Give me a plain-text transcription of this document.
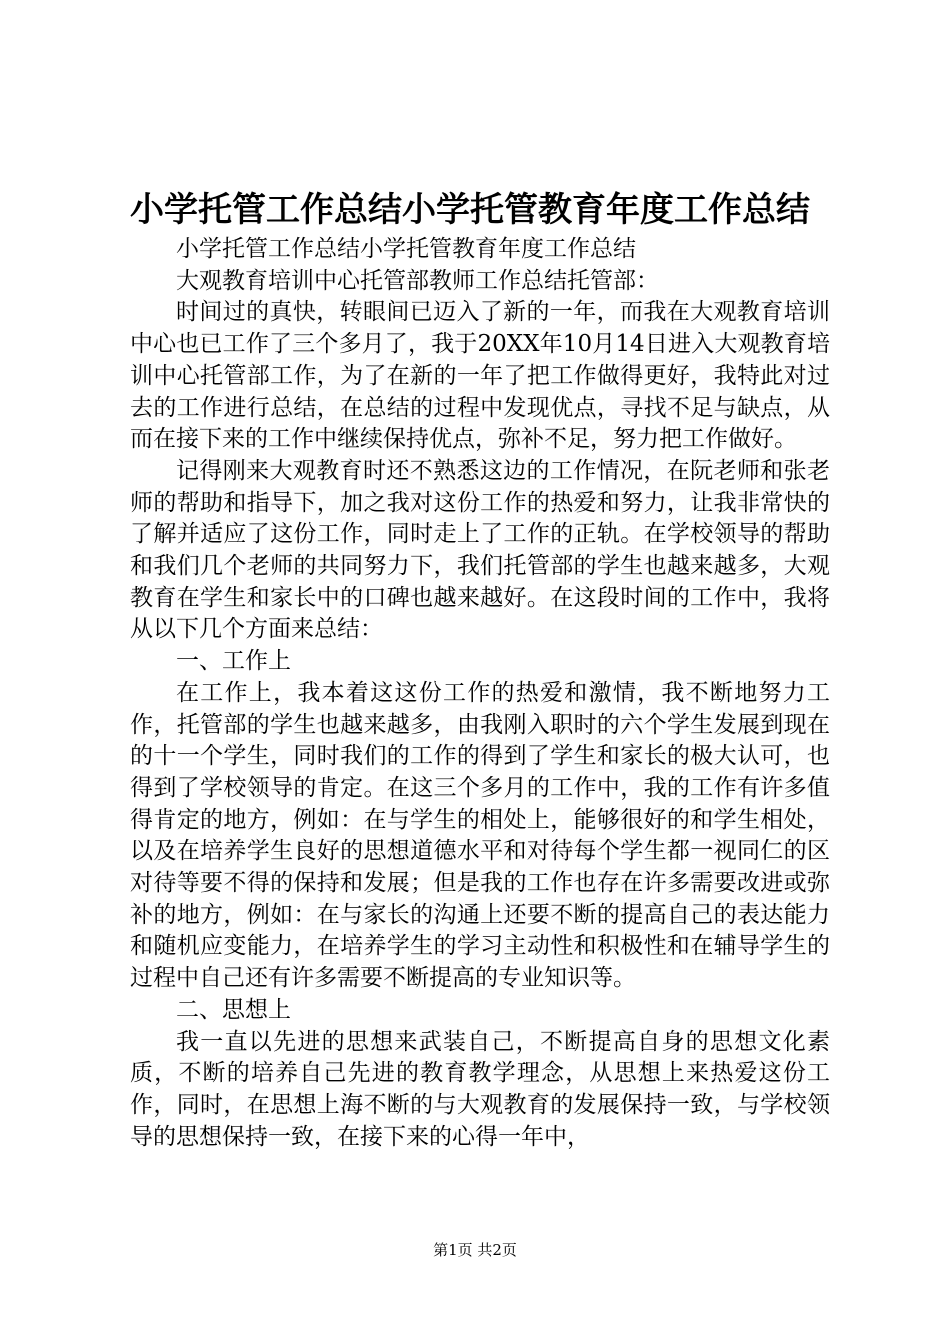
小学托管工作总结小学托管教育年度工作总结

小学托管工作总结小学托管教育年度工作总结

大观教育培训中心托管部教师工作总结托管部：

时间过的真快，转眼间已迈入了新的一年，而我在大观教育培训中心也已工作了三个多月了，我于20XX年10月14日进入大观教育培训中心托管部工作，为了在新的一年了把工作做得更好，我特此对过去的工作进行总结，在总结的过程中发现优点，寻找不足与缺点，从而在接下来的工作中继续保持优点，弥补不足，努力把工作做好。

记得刚来大观教育时还不熟悉这边的工作情况，在阮老师和张老师的帮助和指导下，加之我对这份工作的热爱和努力，让我非常快的了解并适应了这份工作，同时走上了工作的正轨。在学校领导的帮助和我们几个老师的共同努力下，我们托管部的学生也越来越多，大观教育在学生和家长中的口碑也越来越好。在这段时间的工作中，我将从以下几个方面来总结：

一、工作上

在工作上，我本着这这份工作的热爱和激情，我不断地努力工作，托管部的学生也越来越多，由我刚入职时的六个学生发展到现在的十一个学生，同时我们的工作的得到了学生和家长的极大认可，也得到了学校领导的肯定。在这三个多月的工作中，我的工作有许多值得肯定的地方，例如：在与学生的相处上，能够很好的和学生相处，以及在培养学生良好的思想道德水平和对待每个学生都一视同仁的区对待等要不得的保持和发展；但是我的工作也存在许多需要改进或弥补的地方，例如：在与家长的沟通上还要不断的提高自己的表达能力和随机应变能力，在培养学生的学习主动性和积极性和在辅导学生的过程中自己还有许多需要不断提高的专业知识等。

二、思想上

我一直以先进的思想来武装自己，不断提高自身的思想文化素质，不断的培养自己先进的教育教学理念，从思想上来热爱这份工作，同时，在思想上海不断的与大观教育的发展保持一致，与学校领导的思想保持一致，在接下来的心得一年中，

第1页 共2页
